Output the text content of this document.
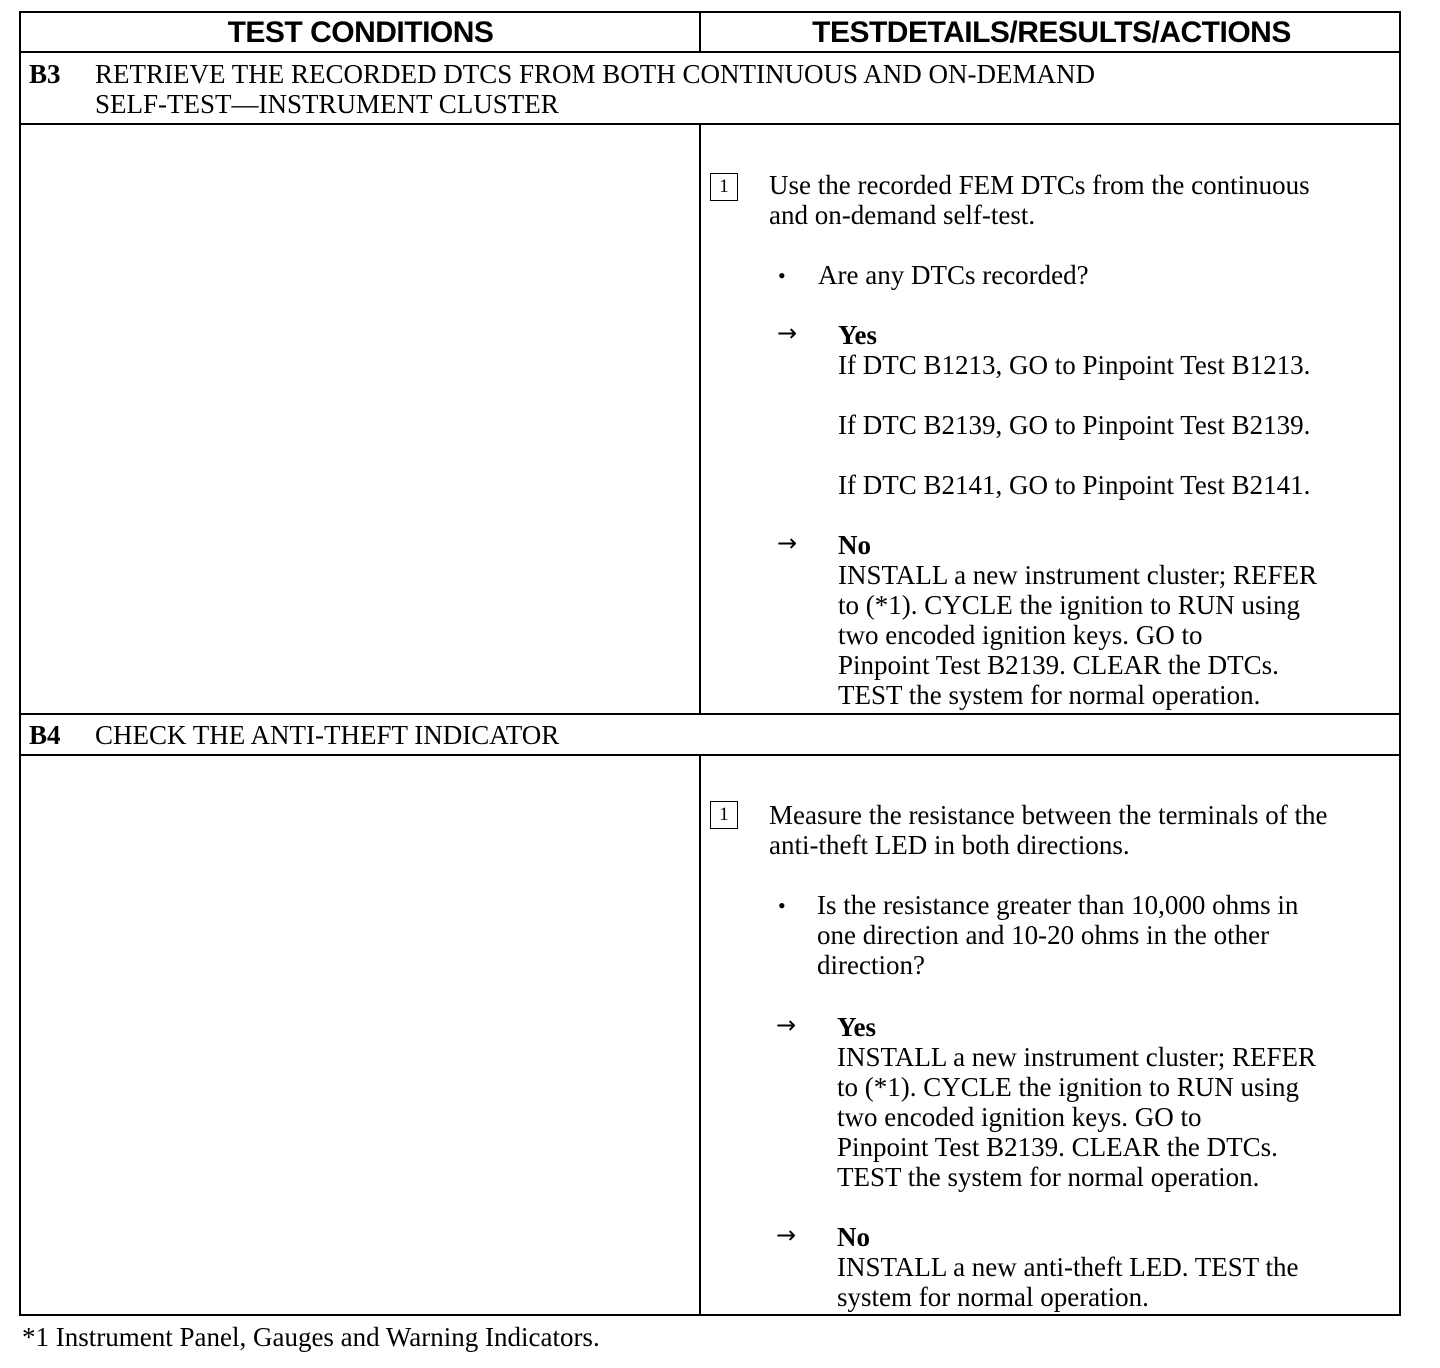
TEST CONDITIONS	TESTDETAILS/RESULTS/ACTIONS
B3 RETRIEVE THE RECORDED DTCS FROM BOTH CONTINUOUS AND ON-DEMAND
SELF-TEST—INSTRUMENT CLUSTER
1	Use the recorded FEM DTCs from the continuous
and on-demand self-test.
• Are any DTCs recorded?
→ Yes
If DTC B1213, GO to Pinpoint Test B1213.
If DTC B2139, GO to Pinpoint Test B2139.
If DTC B2141, GO to Pinpoint Test B2141.
→ No
INSTALL a new instrument cluster; REFER
to (*1). CYCLE the ignition to RUN using
two encoded ignition keys. GO to
Pinpoint Test B2139. CLEAR the DTCs.
TEST the system for normal operation.
B4 CHECK THE ANTI-THEFT INDICATOR
1	Measure the resistance between the terminals of the
anti-theft LED in both directions.
• Is the resistance greater than 10,000 ohms in
one direction and 10-20 ohms in the other
direction?
→ Yes
INSTALL a new instrument cluster; REFER
to (*1). CYCLE the ignition to RUN using
two encoded ignition keys. GO to
Pinpoint Test B2139. CLEAR the DTCs.
TEST the system for normal operation.
→ No
INSTALL a new anti-theft LED. TEST the
system for normal operation.
*1 Instrument Panel, Gauges and Warning Indicators.
